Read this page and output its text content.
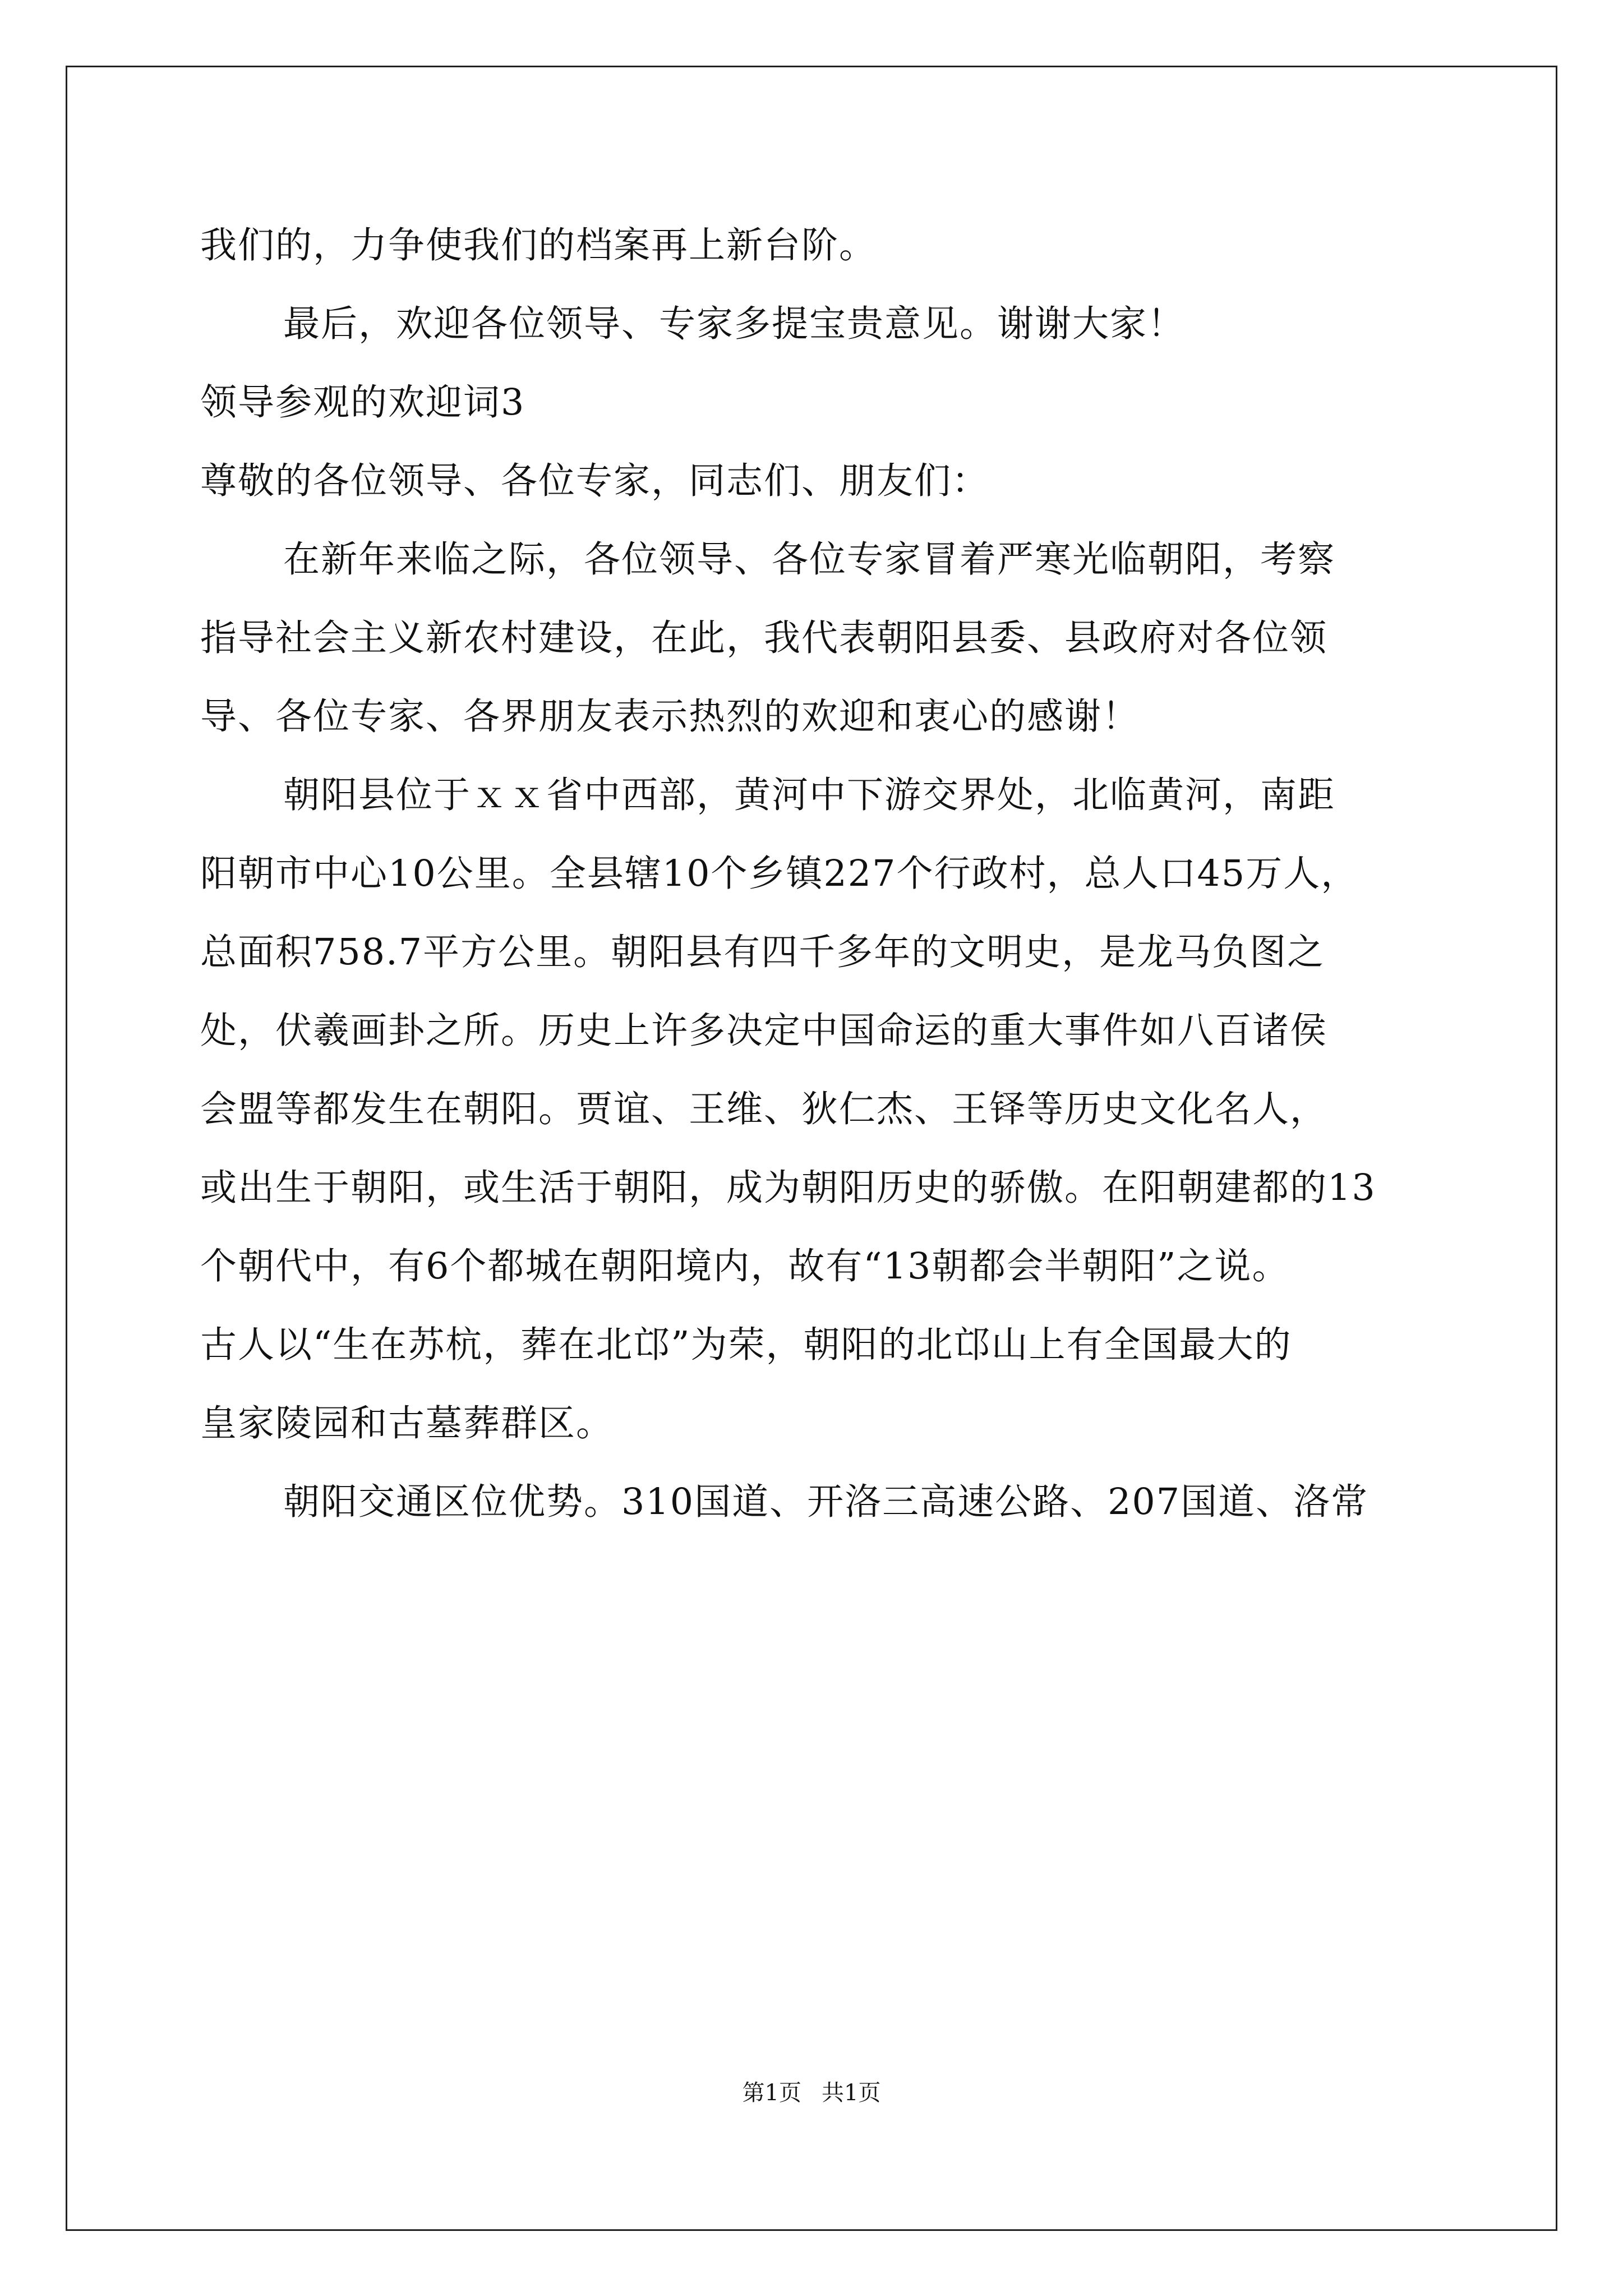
我们的，力争使我们的档案再上新台阶。
最后，欢迎各位领导、专家多提宝贵意见。谢谢大家！
领导参观的欢迎词3
尊敬的各位领导、各位专家，同志们、朋友们：
在新年来临之际，各位领导、各位专家冒着严寒光临朝阳，考察
指导社会主义新农村建设，在此，我代表朝阳县委、县政府对各位领
导、各位专家、各界朋友表示热烈的欢迎和衷心的感谢！
朝阳县位于ｘｘ省中西部，黄河中下游交界处，北临黄河，南距
阳朝市中心10公里。全县辖10个乡镇227个行政村，总人口45万人，
总面积758.7平方公里。朝阳县有四千多年的文明史，是龙马负图之
处，伏羲画卦之所。历史上许多决定中国命运的重大事件如八百诸侯
会盟等都发生在朝阳。贾谊、王维、狄仁杰、王铎等历史文化名人，
或出生于朝阳，或生活于朝阳，成为朝阳历史的骄傲。在阳朝建都的13
个朝代中，有6个都城在朝阳境内，故有“13朝都会半朝阳”之说。
古人以“生在苏杭，葬在北邙”为荣，朝阳的北邙山上有全国最大的
皇家陵园和古墓葬群区。
朝阳交通区位优势。310国道、开洛三高速公路、207国道、洛常
第1页 共1页
